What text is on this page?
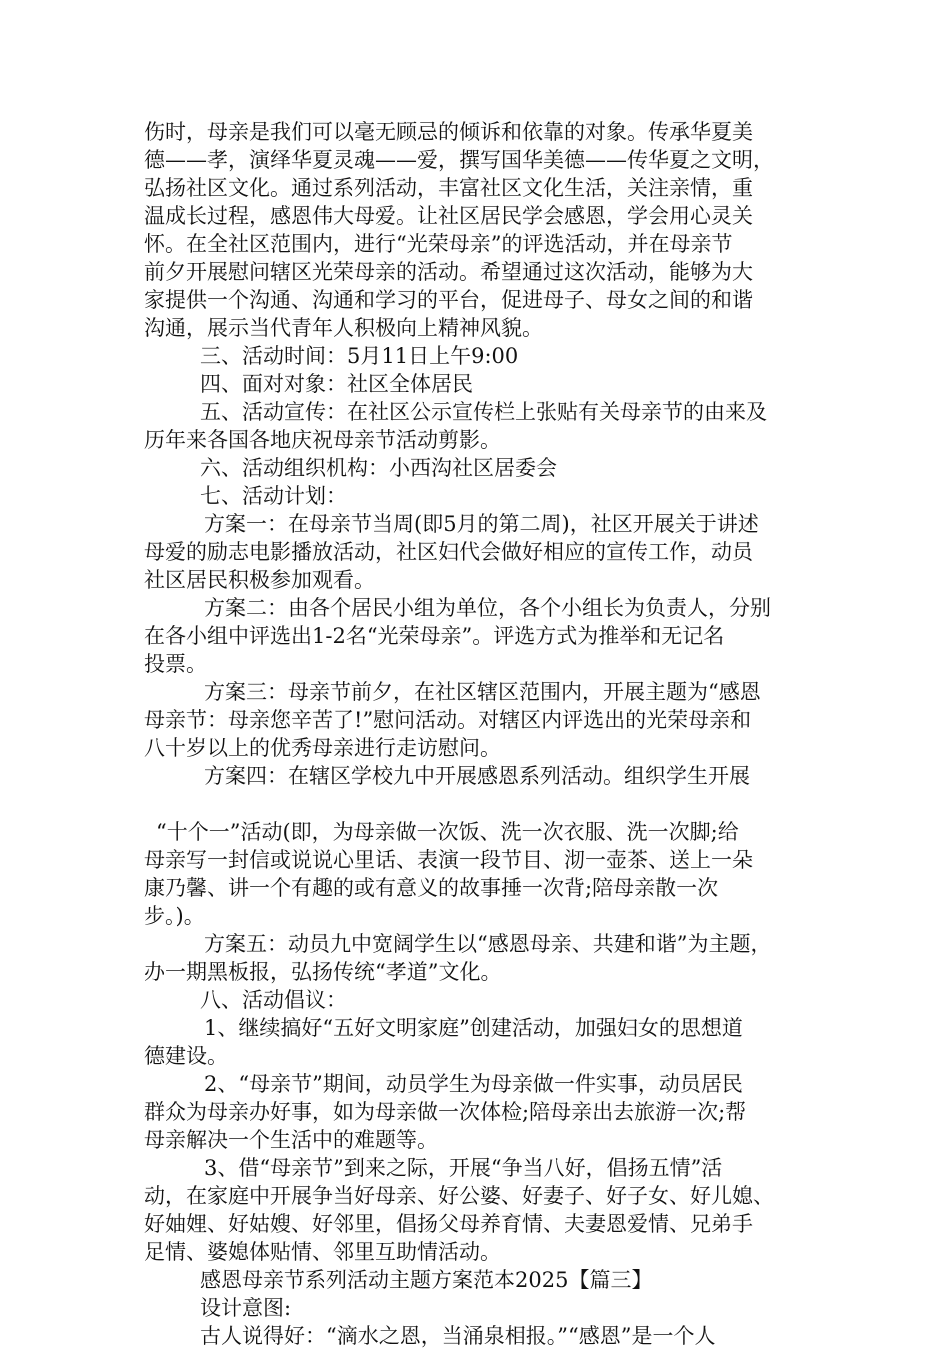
伤时，母亲是我们可以毫无顾忌的倾诉和依靠的对象。传承华夏美
德——孝，演绎华夏灵魂——爱，撰写国华美德——传华夏之文明，
弘扬社区文化。通过系列活动，丰富社区文化生活，关注亲情，重
温成长过程，感恩伟大母爱。让社区居民学会感恩，学会用心灵关
怀。在全社区范围内，进行“光荣母亲”的评选活动，并在母亲节
前夕开展慰问辖区光荣母亲的活动。希望通过这次活动，能够为大
家提供一个沟通、沟通和学习的平台，促进母子、母女之间的和谐
沟通，展示当代青年人积极向上精神风貌。
三、活动时间：5月11日上午9:00
四、面对对象：社区全体居民
五、活动宣传：在社区公示宣传栏上张贴有关母亲节的由来及
历年来各国各地庆祝母亲节活动剪影。
六、活动组织机构：小西沟社区居委会
七、活动计划：
方案一：在母亲节当周(即5月的第二周)，社区开展关于讲述
母爱的励志电影播放活动，社区妇代会做好相应的宣传工作，动员
社区居民积极参加观看。
方案二：由各个居民小组为单位，各个小组长为负责人，分别
在各小组中评选出1-2名“光荣母亲”。评选方式为推举和无记名
投票。
方案三：母亲节前夕，在社区辖区范围内，开展主题为“感恩
母亲节：母亲您辛苦了!”慰问活动。对辖区内评选出的光荣母亲和
八十岁以上的优秀母亲进行走访慰问。
方案四：在辖区学校九中开展感恩系列活动。组织学生开展
“十个一”活动(即，为母亲做一次饭、洗一次衣服、洗一次脚;给
母亲写一封信或说说心里话、表演一段节目、沏一壶茶、送上一朵
康乃馨、讲一个有趣的或有意义的故事捶一次背;陪母亲散一次
步。)。
方案五：动员九中宽阔学生以“感恩母亲、共建和谐”为主题，
办一期黑板报，弘扬传统“孝道”文化。
八、活动倡议：
1、继续搞好“五好文明家庭”创建活动，加强妇女的思想道
德建设。
2、“母亲节”期间，动员学生为母亲做一件实事，动员居民
群众为母亲办好事，如为母亲做一次体检;陪母亲出去旅游一次;帮
母亲解决一个生活中的难题等。
3、借“母亲节”到来之际，开展“争当八好，倡扬五情”活
动，在家庭中开展争当好母亲、好公婆、好妻子、好子女、好儿媳、
好妯娌、好姑嫂、好邻里，倡扬父母养育情、夫妻恩爱情、兄弟手
足情、婆媳体贴情、邻里互助情活动。
感恩母亲节系列活动主题方案范本2025【篇三】
设计意图:
古人说得好：“滴水之恩，当涌泉相报。”“感恩”是一个人
